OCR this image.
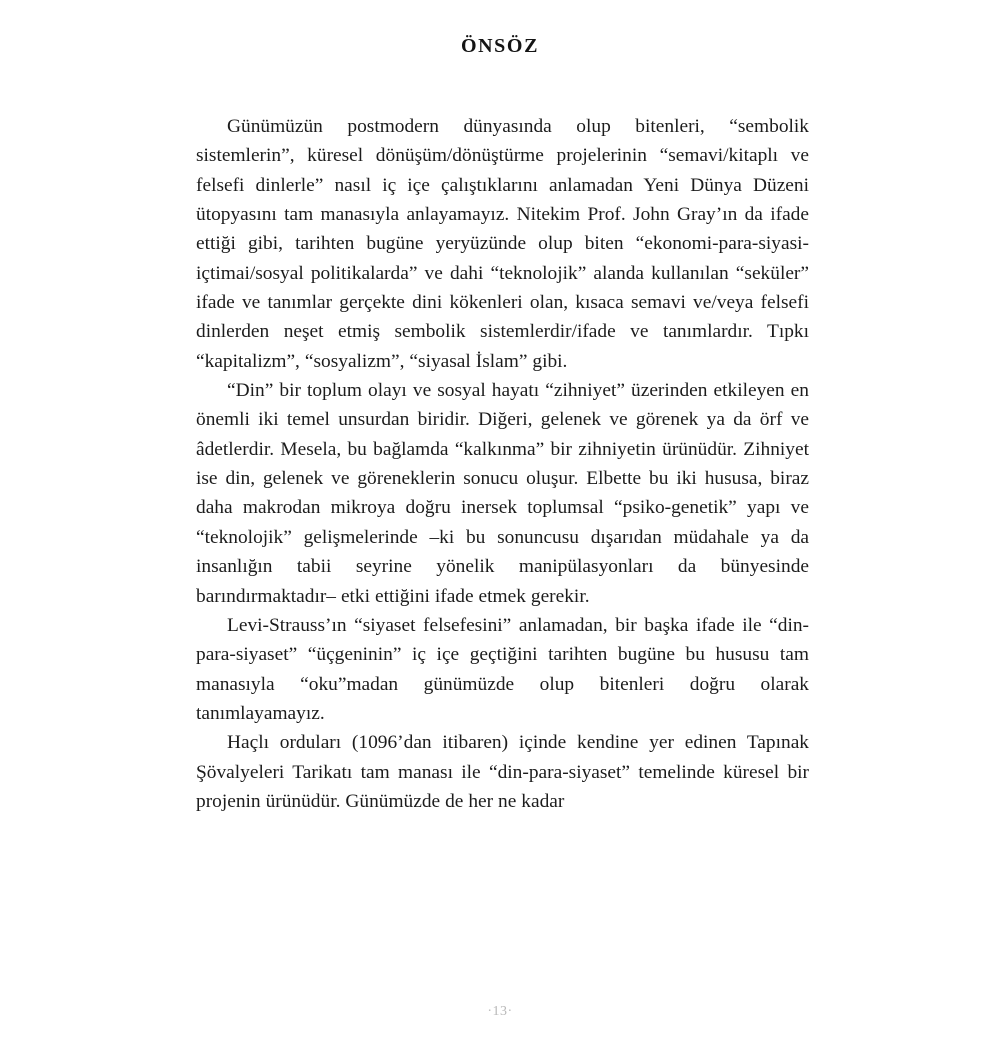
ÖNSÖZ

Günümüzün postmodern dünyasında olup bitenleri, “sembolik sistemlerin”, küresel dönüşüm/dönüştürme projelerinin “semavi/kitaplı ve felsefi dinlerle” nasıl iç içe çalıştıklarını anlamadan Yeni Dünya Düzeni ütopyasını tam manasıyla anlayamayız. Nitekim Prof. John Gray’ın da ifade ettiği gibi, tarihten bugüne yeryüzünde olup biten “ekonomi-para-siyasi-içtimai/sosyal politikalarda” ve dahi “teknolojik” alanda kullanılan “seküler” ifade ve tanımlar gerçekte dini kökenleri olan, kısaca semavi ve/veya felsefi dinlerden neşet etmiş sembolik sistemlerdir/ifade ve tanımlardır. Tıpkı “kapitalizm”, “sosyalizm”, “siyasal İslam” gibi.

“Din” bir toplum olayı ve sosyal hayatı “zihniyet” üzerinden etkileyen en önemli iki temel unsurdan biridir. Diğeri, gelenek ve görenek ya da örf ve âdetlerdir. Mesela, bu bağlamda “kalkınma” bir zihniyetin ürünüdür. Zihniyet ise din, gelenek ve göreneklerin sonucu oluşur. Elbette bu iki hususa, biraz daha makrodan mikroya doğru inersek toplumsal “psiko-genetik” yapı ve “teknolojik” gelişmelerinde –ki bu sonuncusu dışarıdan müdahale ya da insanlığın tabii seyrine yönelik manipülasyonları da bünyesinde barındırmaktadır– etki ettiğini ifade etmek gerekir.

Levi-Strauss’ın “siyaset felsefesini” anlamadan, bir başka ifade ile “din-para-siyaset” “üçgeninin” iç içe geçtiğini tarihten bugüne bu hususu tam manasıyla “oku”madan günümüzde olup bitenleri doğru olarak tanımlayamayız.

Haçlı orduları (1096’dan itibaren) içinde kendine yer edinen Tapınak Şövalyeleri Tarikatı tam manası ile “din-para-siyaset” temelinde küresel bir projenin ürünüdür. Günümüzde de her ne kadar

·13·
